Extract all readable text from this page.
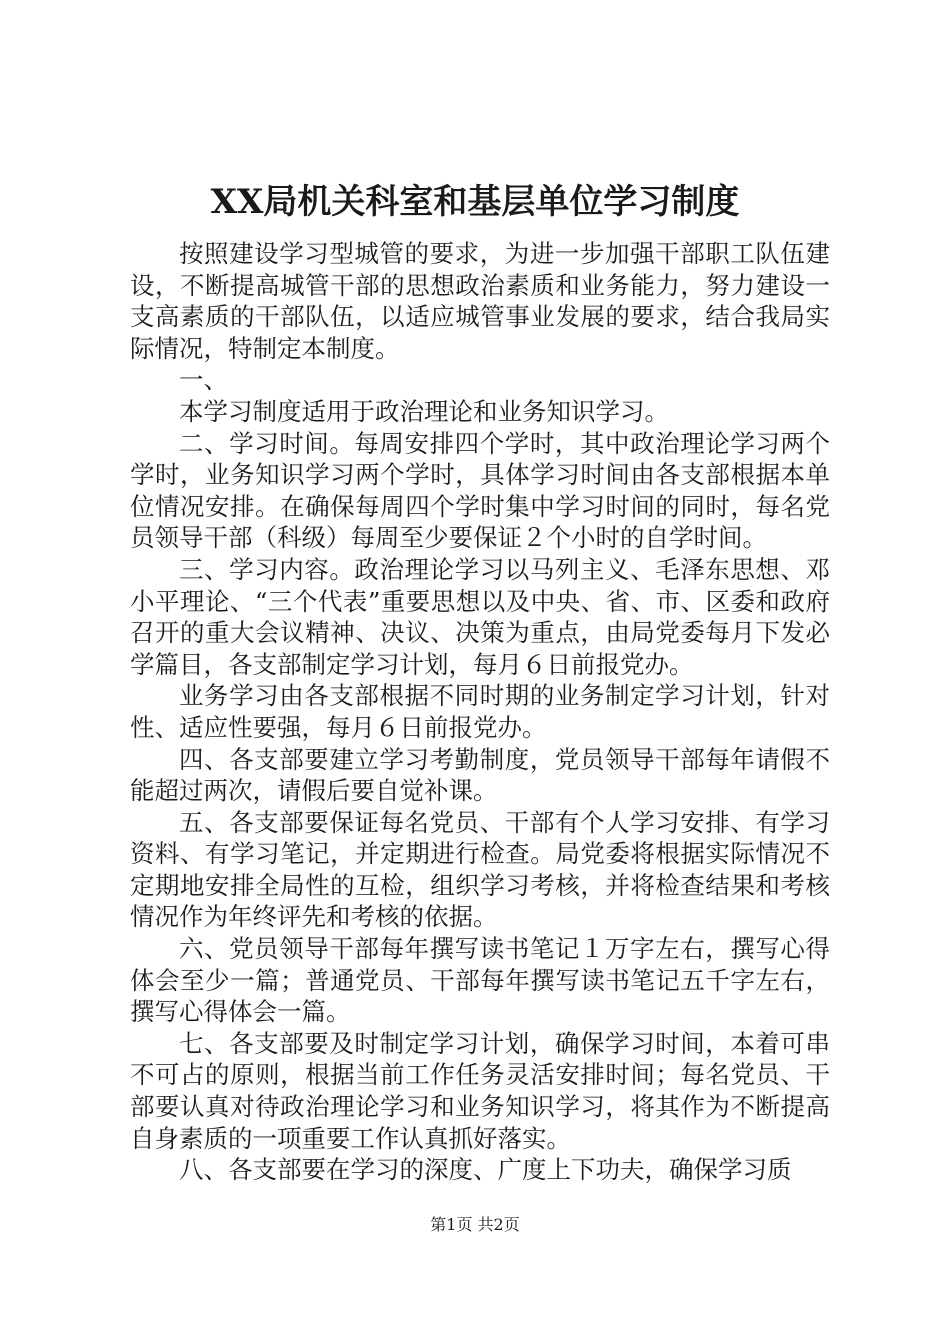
XX局机关科室和基层单位学习制度

按照建设学习型城管的要求，为进一步加强干部职工队伍建设，不断提高城管干部的思想政治素质和业务能力，努力建设一支高素质的干部队伍，以适应城管事业发展的要求，结合我局实际情况，特制定本制度。

一、

本学习制度适用于政治理论和业务知识学习。

二、学习时间。每周安排四个学时，其中政治理论学习两个学时，业务知识学习两个学时，具体学习时间由各支部根据本单位情况安排。在确保每周四个学时集中学习时间的同时，每名党员领导干部（科级）每周至少要保证２个小时的自学时间。

三、学习内容。政治理论学习以马列主义、毛泽东思想、邓小平理论、“三个代表”重要思想以及中央、省、市、区委和政府召开的重大会议精神、决议、决策为重点，由局党委每月下发必学篇目，各支部制定学习计划，每月６日前报党办。

业务学习由各支部根据不同时期的业务制定学习计划，针对性、适应性要强，每月６日前报党办。

四、各支部要建立学习考勤制度，党员领导干部每年请假不能超过两次，请假后要自觉补课。

五、各支部要保证每名党员、干部有个人学习安排、有学习资料、有学习笔记，并定期进行检查。局党委将根据实际情况不定期地安排全局性的互检，组织学习考核，并将检查结果和考核情况作为年终评先和考核的依据。

六、党员领导干部每年撰写读书笔记１万字左右，撰写心得体会至少一篇；普通党员、干部每年撰写读书笔记五千字左右，撰写心得体会一篇。

七、各支部要及时制定学习计划，确保学习时间，本着可串不可占的原则，根据当前工作任务灵活安排时间；每名党员、干部要认真对待政治理论学习和业务知识学习，将其作为不断提高自身素质的一项重要工作认真抓好落实。

八、各支部要在学习的深度、广度上下功夫，确保学习质

第1页 共2页
